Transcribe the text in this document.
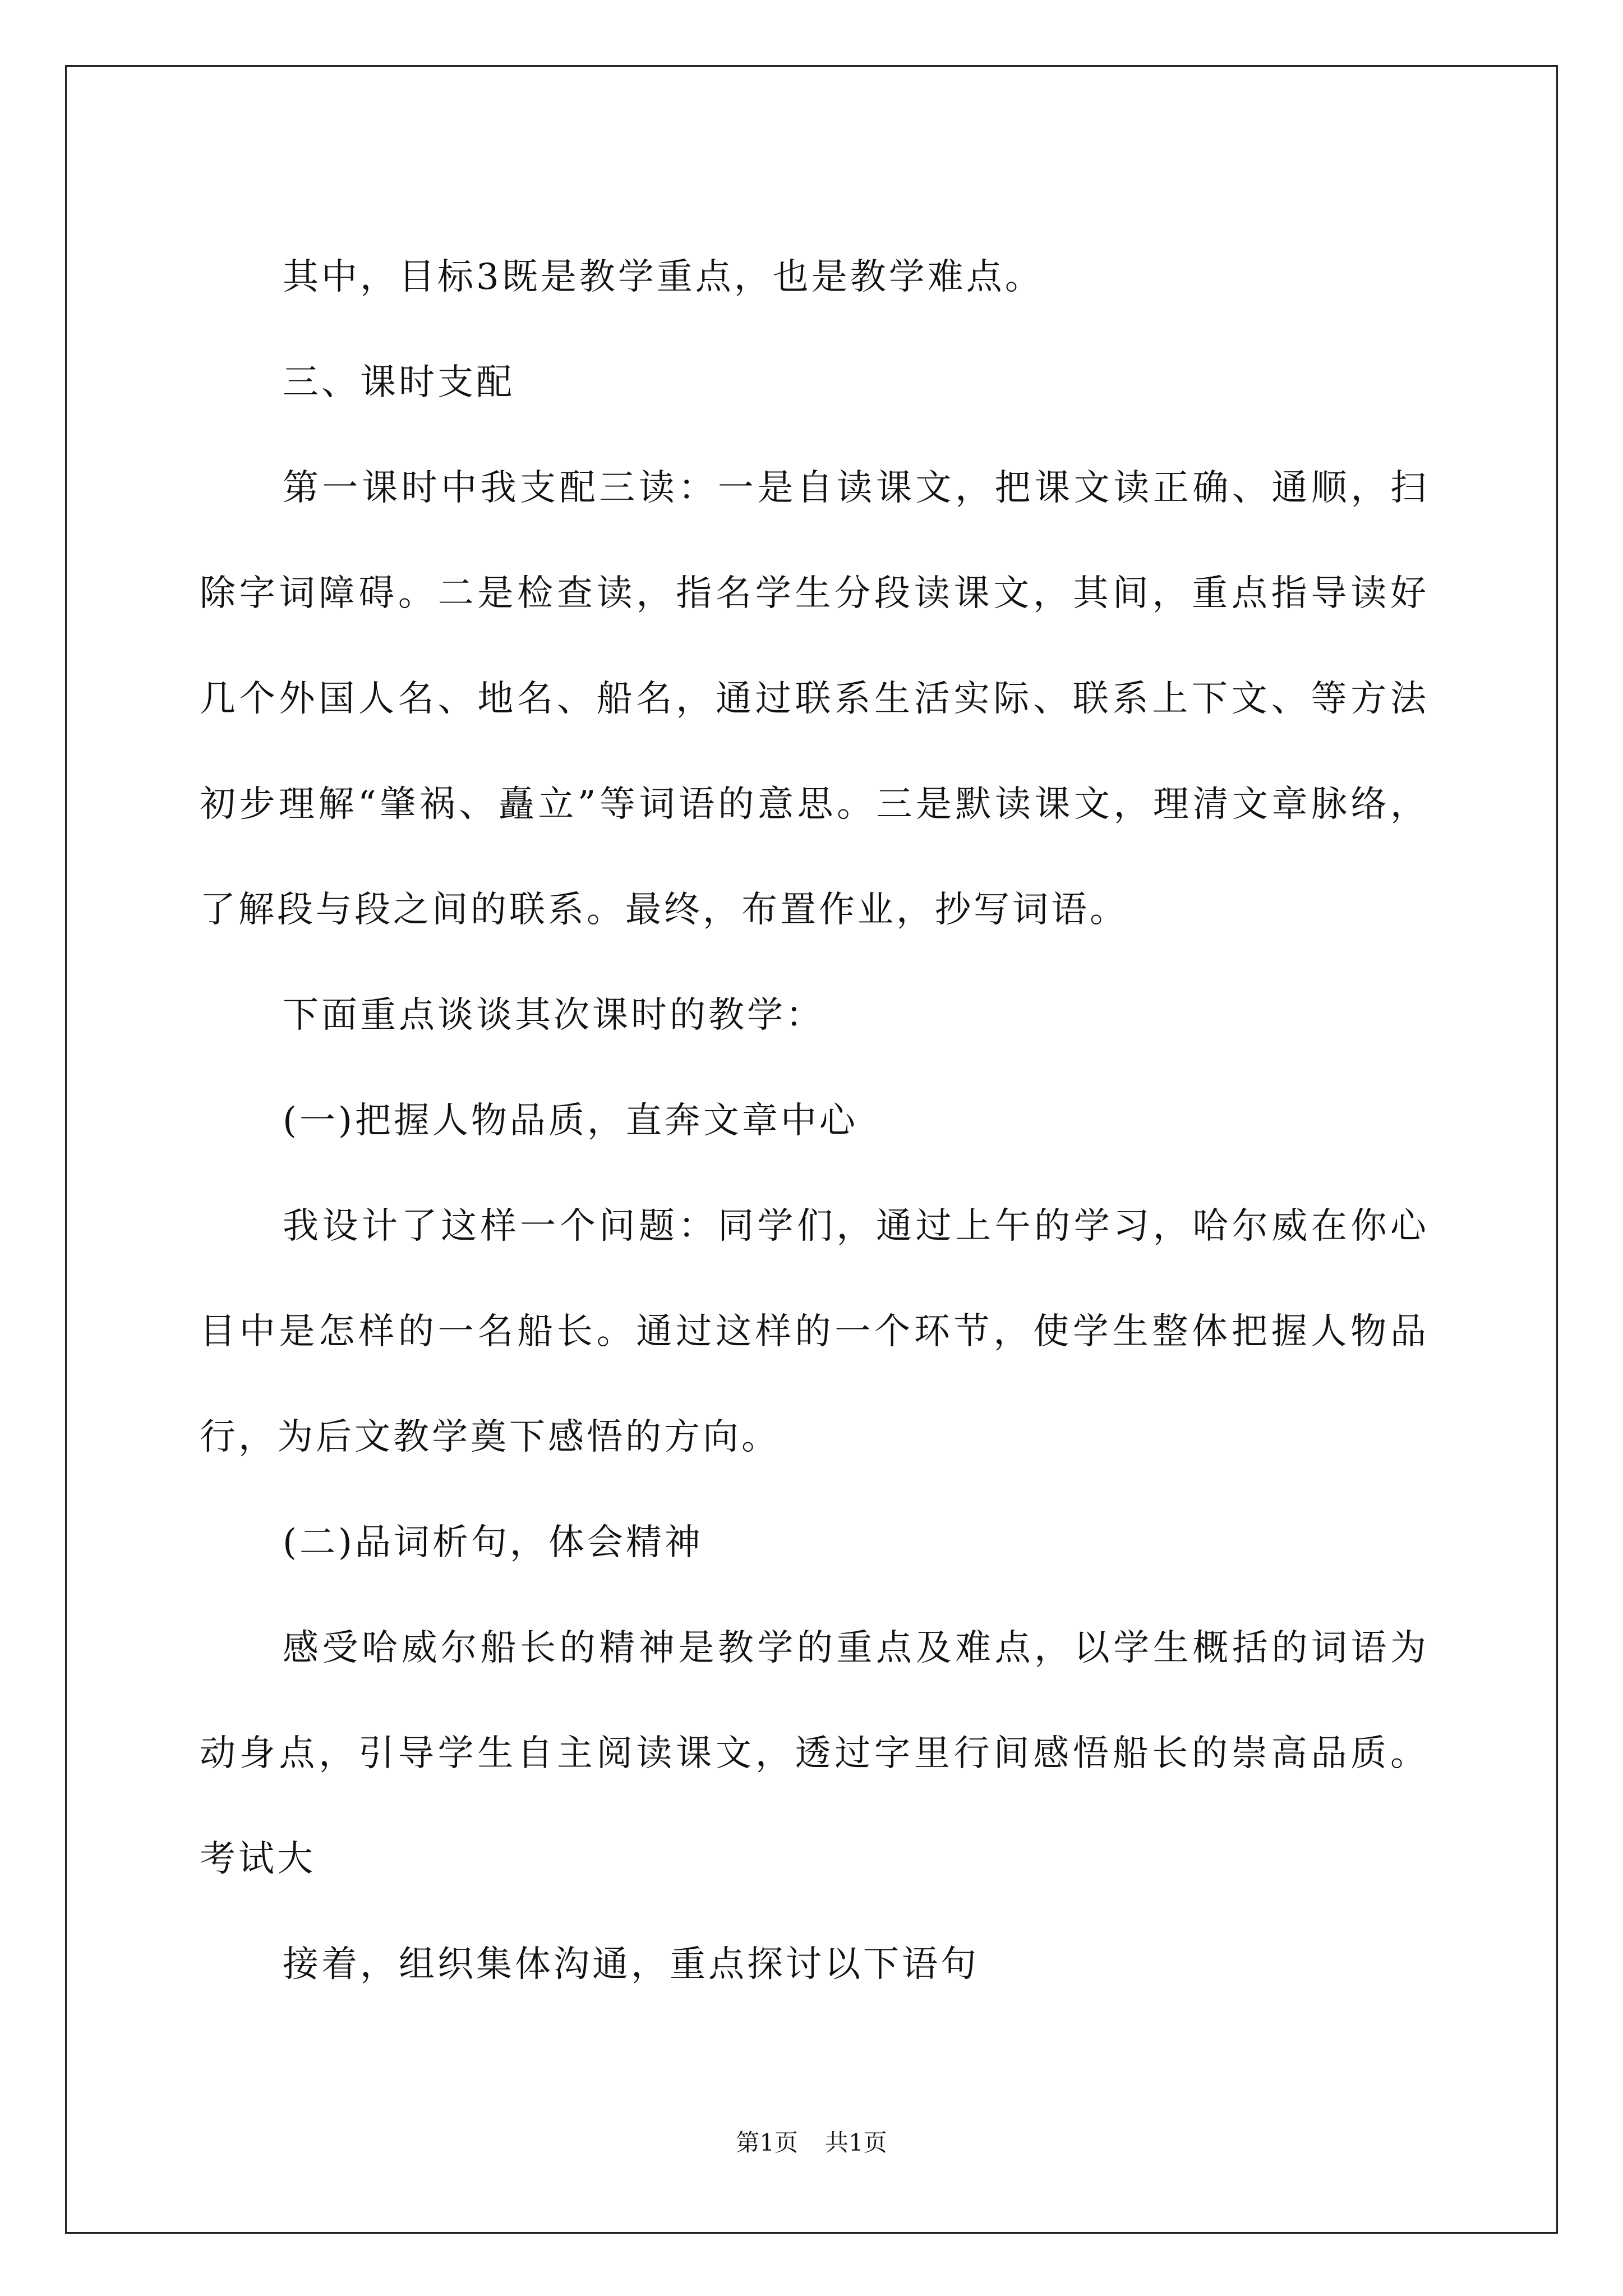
其中，目标3既是教学重点，也是教学难点。

三、课时支配

第一课时中我支配三读：一是自读课文，把课文读正确、通顺，扫除字词障碍。二是检查读，指名学生分段读课文，其间，重点指导读好几个外国人名、地名、船名，通过联系生活实际、联系上下文、等方法初步理解“肇祸、矗立”等词语的意思。三是默读课文，理清文章脉络，了解段与段之间的联系。最终，布置作业，抄写词语。

下面重点谈谈其次课时的教学：

(一)把握人物品质，直奔文章中心

我设计了这样一个问题：同学们，通过上午的学习，哈尔威在你心目中是怎样的一名船长。通过这样的一个环节，使学生整体把握人物品行，为后文教学奠下感悟的方向。

(二)品词析句，体会精神

感受哈威尔船长的精神是教学的重点及难点，以学生概括的词语为动身点，引导学生自主阅读课文，透过字里行间感悟船长的崇高品质。考试大

接着，组织集体沟通，重点探讨以下语句

第1页 共1页
